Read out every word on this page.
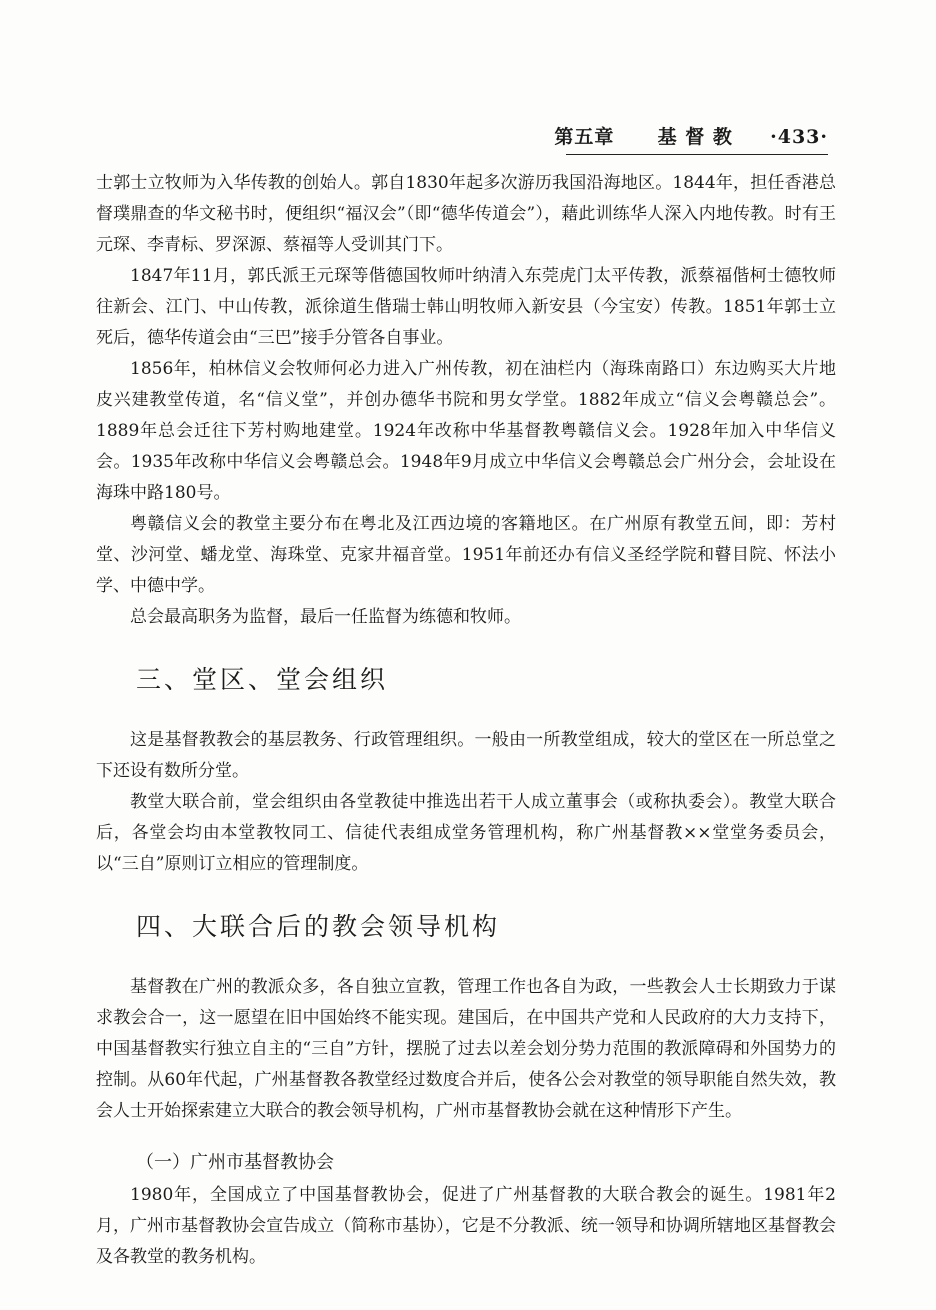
第五章 基 督 教 ·433·

士郭士立牧师为入华传教的创始人。郭自1830年起多次游历我国沿海地区。1844年，担任香港总督璞鼎查的华文秘书时，便组织“福汉会”（即“德华传道会”），藉此训练华人深入内地传教。时有王元琛、李青标、罗深源、蔡福等人受训其门下。

1847年11月，郭氏派王元琛等偕德国牧师叶纳清入东莞虎门太平传教，派蔡福偕柯士德牧师往新会、江门、中山传教，派徐道生偕瑞士韩山明牧师入新安县（今宝安）传教。1851年郭士立死后，德华传道会由“三巴”接手分管各自事业。

1856年，柏林信义会牧师何必力进入广州传教，初在油栏内（海珠南路口）东边购买大片地皮兴建教堂传道，名“信义堂”，并创办德华书院和男女学堂。1882年成立“信义会粤赣总会”。1889年总会迁往下芳村购地建堂。1924年改称中华基督教粤赣信义会。1928年加入中华信义会。1935年改称中华信义会粤赣总会。1948年9月成立中华信义会粤赣总会广州分会，会址设在海珠中路180号。

粤赣信义会的教堂主要分布在粤北及江西边境的客籍地区。在广州原有教堂五间，即：芳村堂、沙河堂、蟠龙堂、海珠堂、克家井福音堂。1951年前还办有信义圣经学院和瞽目院、怀法小学、中德中学。

总会最高职务为监督，最后一任监督为练德和牧师。

三、堂区、堂会组织

这是基督教教会的基层教务、行政管理组织。一般由一所教堂组成，较大的堂区在一所总堂之下还设有数所分堂。

教堂大联合前，堂会组织由各堂教徒中推选出若干人成立董事会（或称执委会）。教堂大联合后，各堂会均由本堂教牧同工、信徒代表组成堂务管理机构，称广州基督教××堂堂务委员会，以“三自”原则订立相应的管理制度。

四、大联合后的教会领导机构

基督教在广州的教派众多，各自独立宣教，管理工作也各自为政，一些教会人士长期致力于谋求教会合一，这一愿望在旧中国始终不能实现。建国后，在中国共产党和人民政府的大力支持下，中国基督教实行独立自主的“三自”方针，摆脱了过去以差会划分势力范围的教派障碍和外国势力的控制。从60年代起，广州基督教各教堂经过数度合并后，使各公会对教堂的领导职能自然失效，教会人士开始探索建立大联合的教会领导机构，广州市基督教协会就在这种情形下产生。

（一）广州市基督教协会

1980年，全国成立了中国基督教协会，促进了广州基督教的大联合教会的诞生。1981年2月，广州市基督教协会宣告成立（简称市基协），它是不分教派、统一领导和协调所辖地区基督教会及各教堂的教务机构。
